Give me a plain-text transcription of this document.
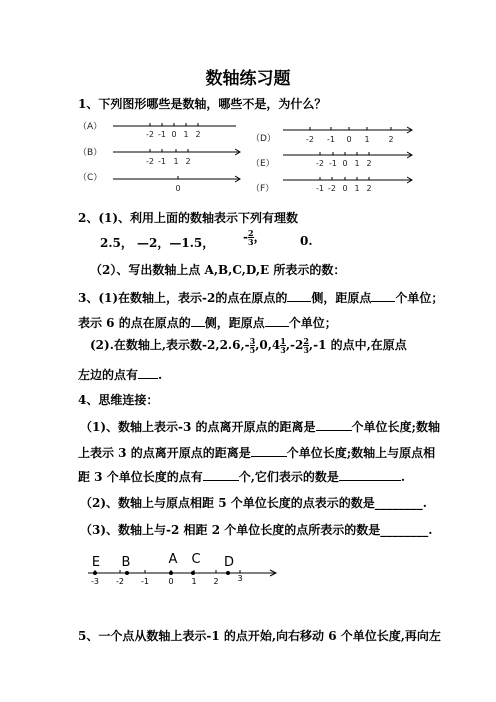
数轴练习题
1、下列图形哪些是数轴，哪些不是，为什么？
（A）
（B）
（C）
（D）
（E）
（F）
-2 -1 0 1 2
-2 -1 1 2
0
-2 -1 0 1 2
-2 -1 0 1 2
-1 -2 0 1 2
E B	A C D
-3 -2 -1 0 1 2 3
2、(1)、利用上面的数轴表示下列有理数
2.5， —2，—1.5， - $\frac{2}{3}$ ，	0.
（2）、写出数轴上点 A,B,C,D,E 所表示的数：
3、(1)在数轴上，表示-2的点在原点的 侧，距原点 个单位；
表示 6 的点在原点的 侧，距原点 个单位；
(2).在数轴上,表示数$-2,2.6,- \frac{3}{5} ,0,4 \frac{1}{3} ,-2 \frac{2}{3} ,-1$ 的点中,在原点
左边的点有 .
4、思维连接：
（1)、数轴上表示-3 的点离开原点的距离是	个单位长度;数轴
上表示 3 的点离开原点的距离是	个单位长度;数轴上与原点相
距 3 个单位长度的点有	个,它们表示的数是	.
（2)、数轴上与原点相距 5 个单位长度的点表示的数是________.
（3)、数轴上与-2 相距 2 个单位长度的点所表示的数是________.
5、一个点从数轴上表示-1 的点开始,向右移动 6 个单位长度,再向左
